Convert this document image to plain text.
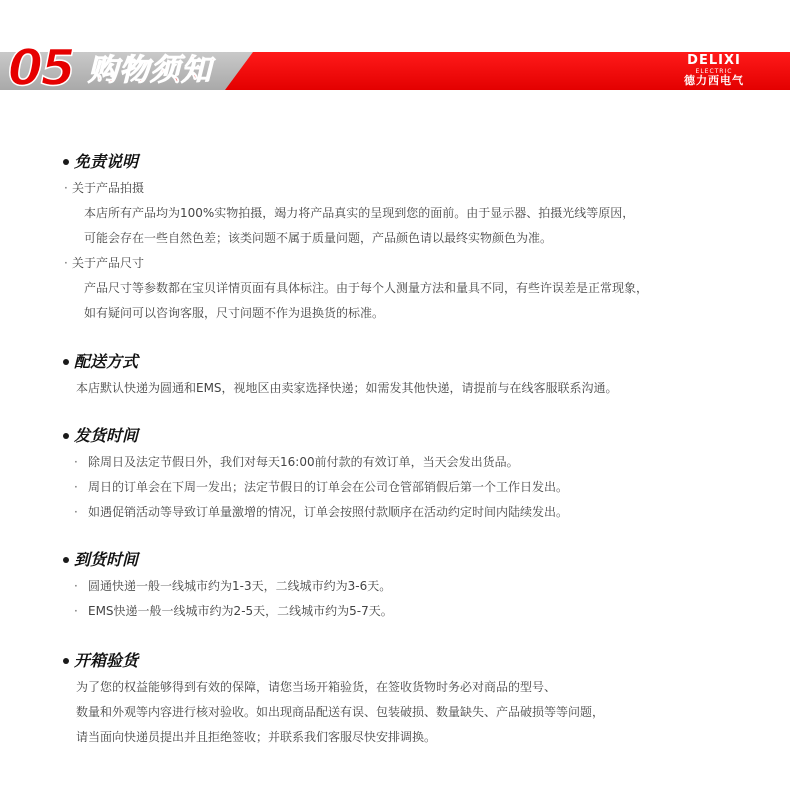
05 购物须知	DELIXI
ELECTRIC
德力西电气
免责说明
· 关于产品拍摄
本店所有产品均为100%实物拍摄，竭力将产品真实的呈现到您的面前。由于显示器、拍摄光线等原因，
可能会存在一些自然色差；该类问题不属于质量问题，产品颜色请以最终实物颜色为准。
· 关于产品尺寸
产品尺寸等参数都在宝贝详情页面有具体标注。由于每个人测量方法和量具不同，有些许误差是正常现象，
如有疑问可以咨询客服，尺寸问题不作为退换货的标准。
配送方式
本店默认快递为圆通和EMS，视地区由卖家选择快递；如需发其他快递，请提前与在线客服联系沟通。
发货时间
· 除周日及法定节假日外，我们对每天16:00前付款的有效订单，当天会发出货品。
· 周日的订单会在下周一发出；法定节假日的订单会在公司仓管部销假后第一个工作日发出。
· 如遇促销活动等导致订单量激增的情况，订单会按照付款顺序在活动约定时间内陆续发出。
到货时间
· 圆通快递一般一线城市约为1-3天，二线城市约为3-6天。
· EMS快递一般一线城市约为2-5天，二线城市约为5-7天。
开箱验货
为了您的权益能够得到有效的保障，请您当场开箱验货，在签收货物时务必对商品的型号、
数量和外观等内容进行核对验收。如出现商品配送有误、包装破损、数量缺失、产品破损等等问题，
请当面向快递员提出并且拒绝签收；并联系我们客服尽快安排调换。
